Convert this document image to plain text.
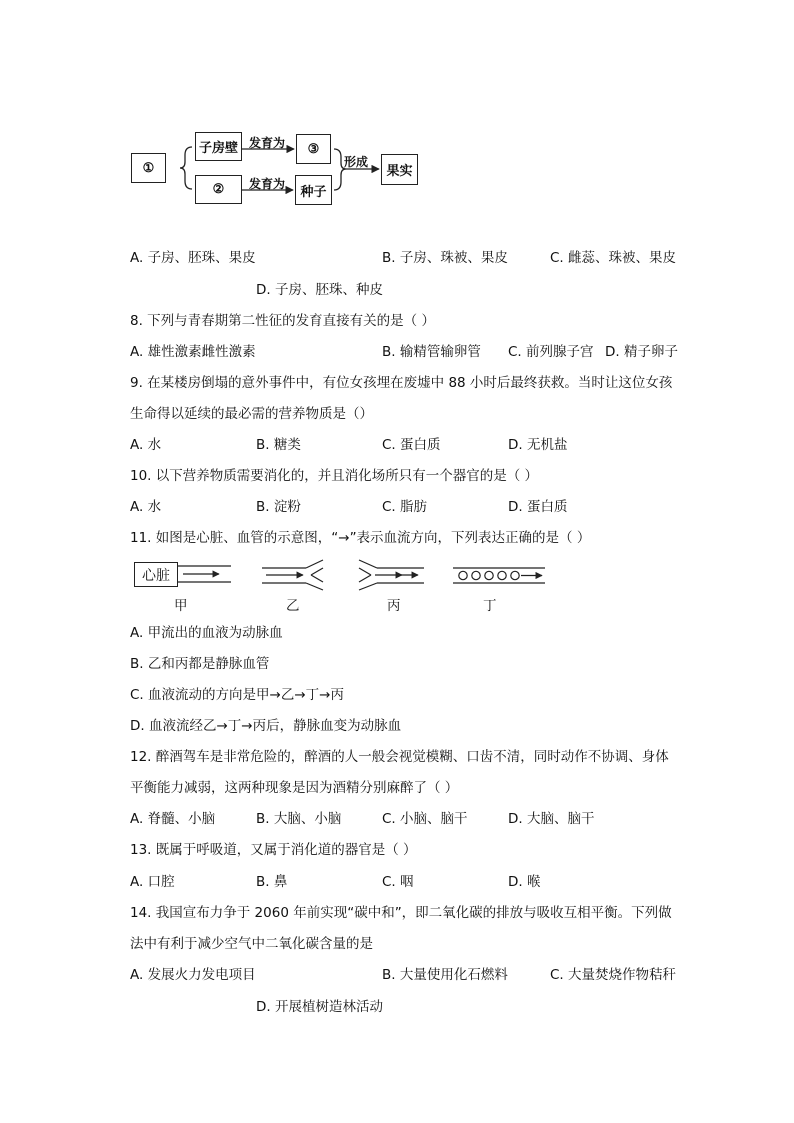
①
子房壁
②
③
种子
果实
发育为
发育为
形成
A. 子房、胚珠、果皮	B. 子房、珠被、果皮	C. 雌蕊、珠被、果皮
D. 子房、胚珠、种皮
8. 下列与青春期第二性征的发育直接有关的是（ ）
A. 雄性激素雌性激素	B. 输精管输卵管 C. 前列腺子宫 D. 精子卵子
9. 在某楼房倒塌的意外事件中，有位女孩埋在废墟中 88 小时后最终获救。当时让这位女孩
生命得以延续的最必需的营养物质是（）
A. 水	B. 糖类	C. 蛋白质	D. 无机盐
10. 以下营养物质需要消化的，并且消化场所只有一个器官的是（ ）
A. 水	B. 淀粉	C. 脂肪	D. 蛋白质
11. 如图是心脏、血管的示意图，“→”表示血流方向，下列表达正确的是（ ）
心脏
甲	乙	丙	丁
A. 甲流出的血液为动脉血
B. 乙和丙都是静脉血管
C. 血液流动的方向是甲→乙→丁→丙
D. 血液流经乙→丁→丙后，静脉血变为动脉血
12. 醉酒驾车是非常危险的，醉酒的人一般会视觉模糊、口齿不清，同时动作不协调、身体
平衡能力减弱，这两种现象是因为酒精分别麻醉了（ ）
A. 脊髓、小脑	B. 大脑、小脑	C. 小脑、脑干	D. 大脑、脑干
13. 既属于呼吸道，又属于消化道的器官是（ ）
A. 口腔	B. 鼻	C. 咽	D. 喉
14. 我国宣布力争于 2060 年前实现“碳中和”，即二氧化碳的排放与吸收互相平衡。下列做
法中有利于减少空气中二氧化碳含量的是
A. 发展火力发电项目	B. 大量使用化石燃料	C. 大量焚烧作物秸秆
D. 开展植树造林活动
